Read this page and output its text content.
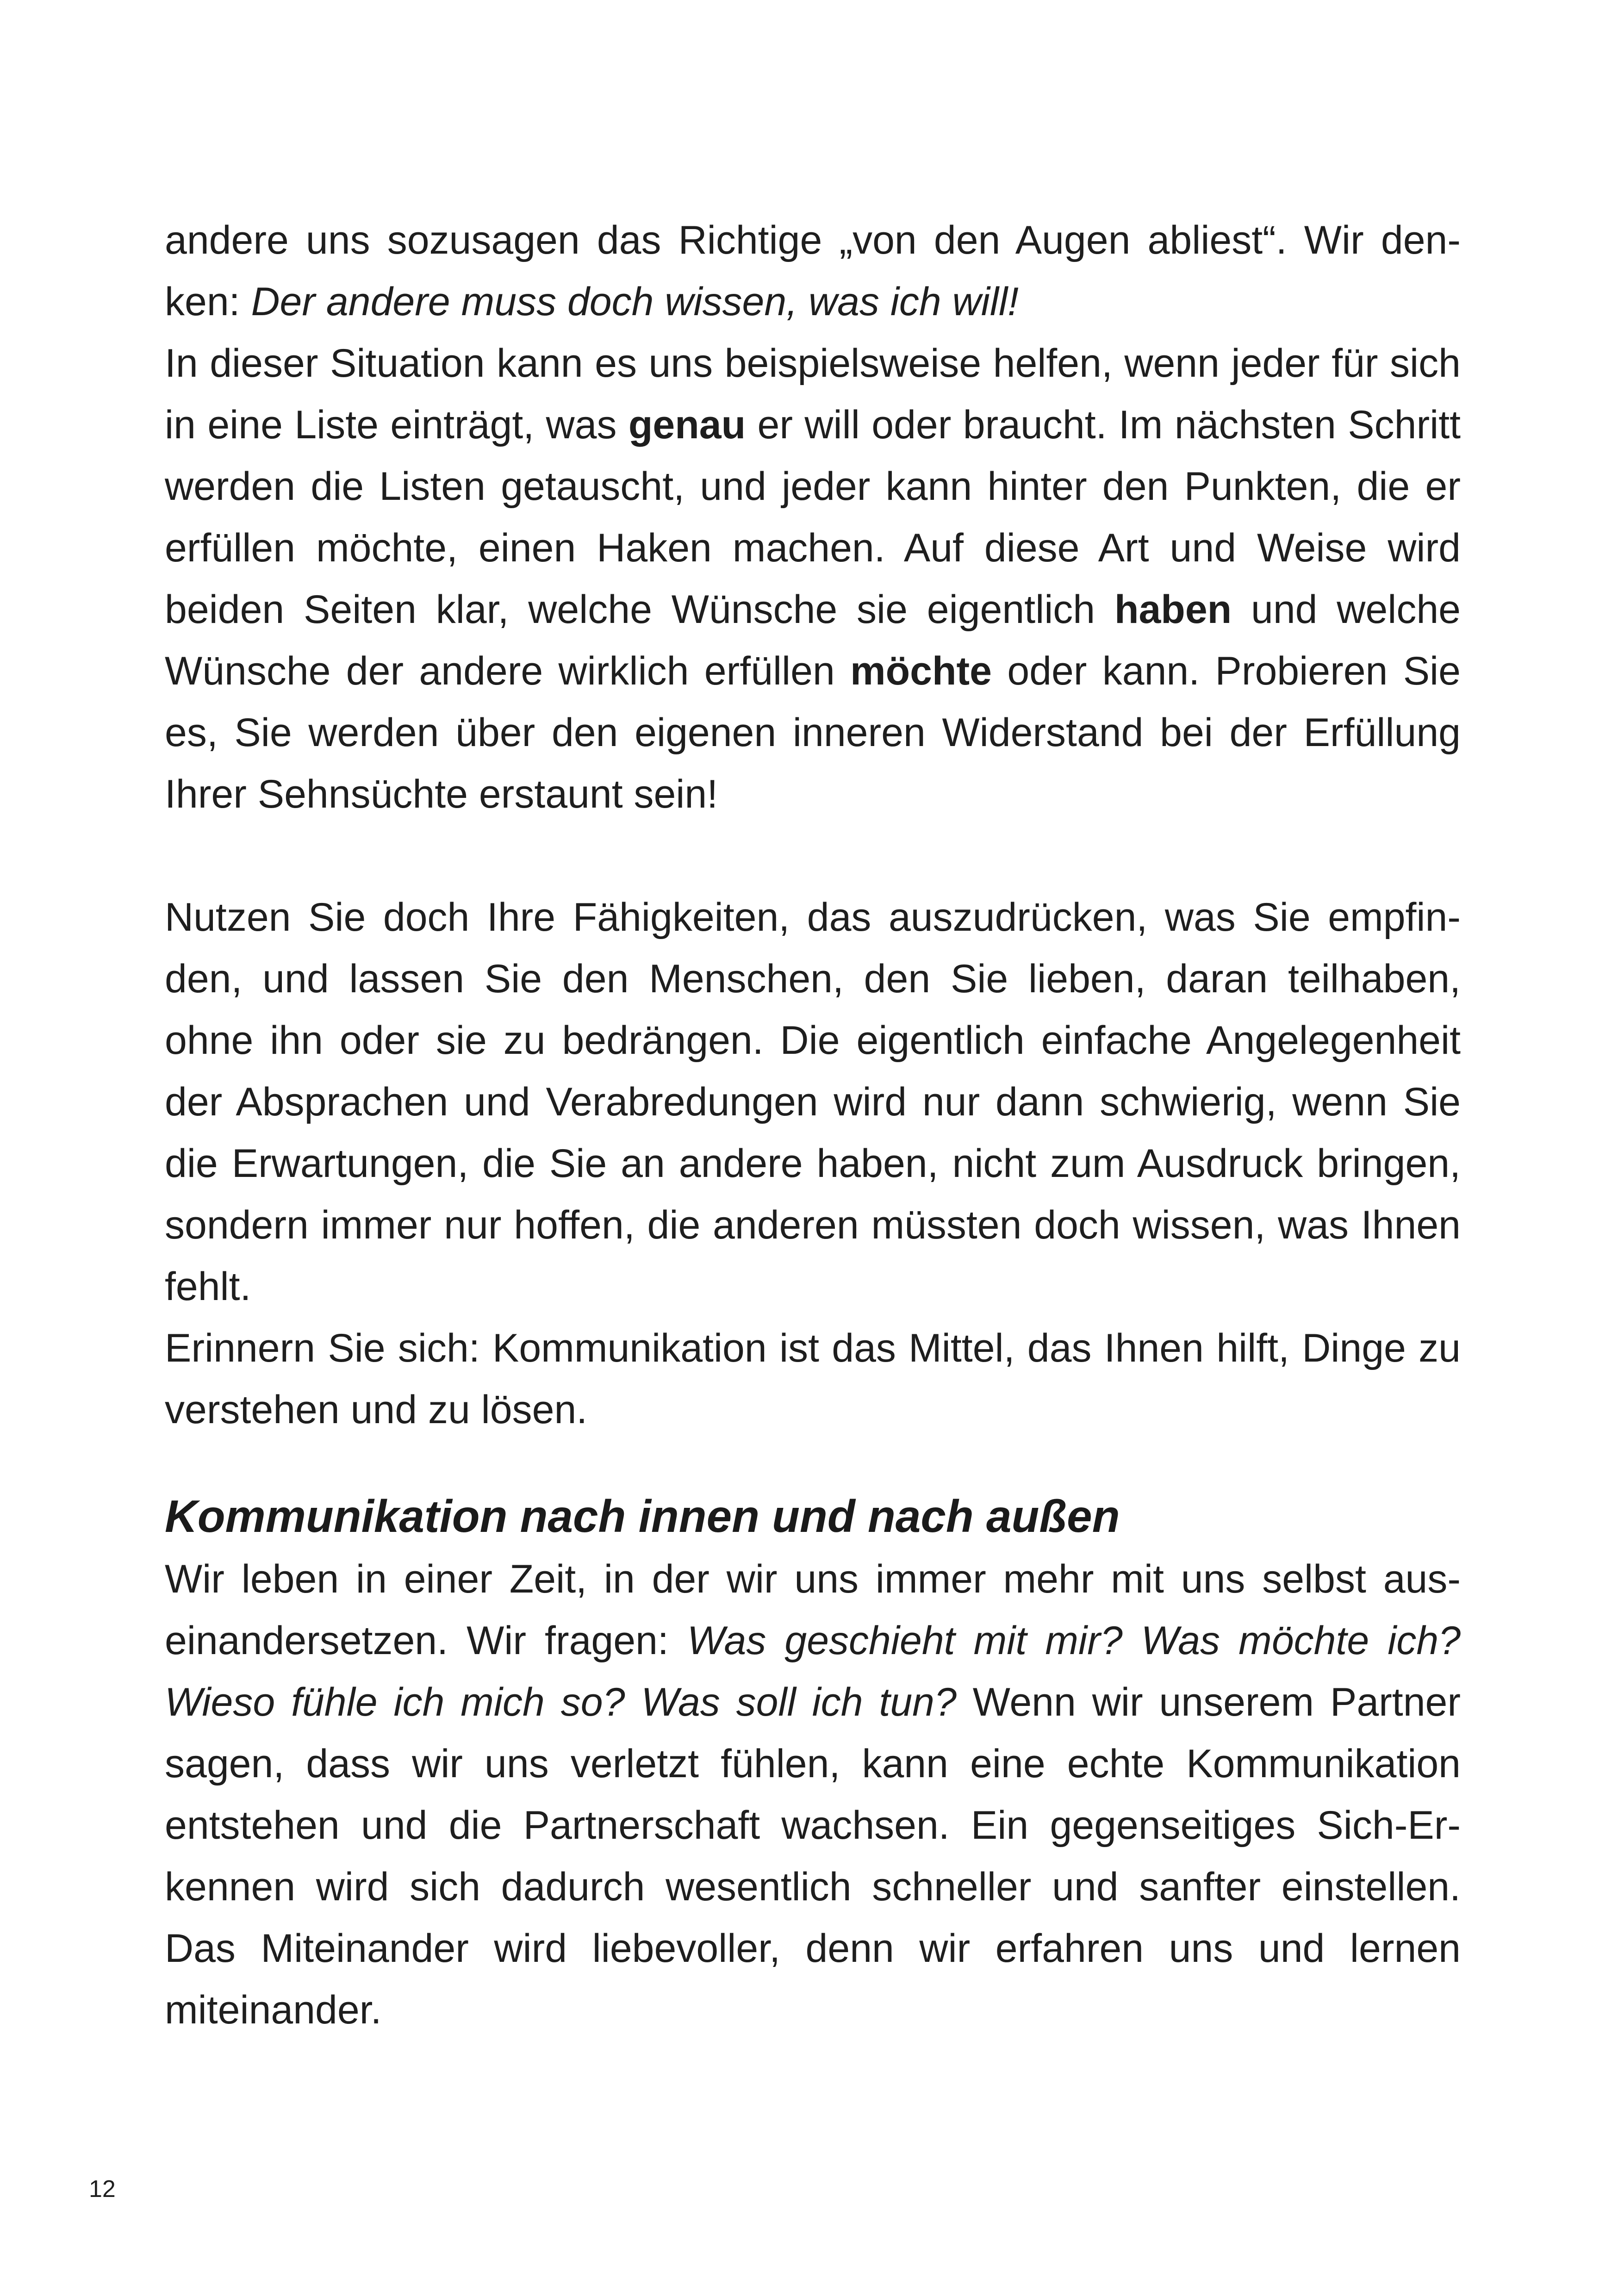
andere uns sozusagen das Richtige „von den Augen abliest“. Wir denken: Der andere muss doch wissen, was ich will!

In dieser Situation kann es uns beispielsweise helfen, wenn jeder für sich in eine Liste einträgt, was genau er will oder braucht. Im nächsten Schritt werden die Listen getauscht, und jeder kann hinter den Punkten, die er erfüllen möchte, einen Haken machen. Auf diese Art und Weise wird beiden Seiten klar, welche Wünsche sie eigentlich haben und welche Wünsche der andere wirklich erfüllen möchte oder kann. Probieren Sie es, Sie werden über den eigenen inneren Widerstand bei der Erfüllung Ihrer Sehnsüchte erstaunt sein!

Nutzen Sie doch Ihre Fähigkeiten, das auszudrücken, was Sie empfinden, und lassen Sie den Menschen, den Sie lieben, daran teilhaben, ohne ihn oder sie zu bedrängen. Die eigentlich einfache Angelegenheit der Absprachen und Verabredungen wird nur dann schwierig, wenn Sie die Erwartungen, die Sie an andere haben, nicht zum Ausdruck bringen, sondern immer nur hoffen, die anderen müssten doch wissen, was Ihnen fehlt.

Erinnern Sie sich: Kommunikation ist das Mittel, das Ihnen hilft, Dinge zu verstehen und zu lösen.

Kommunikation nach innen und nach außen

Wir leben in einer Zeit, in der wir uns immer mehr mit uns selbst auseinandersetzen. Wir fragen: Was geschieht mit mir? Was möchte ich? Wieso fühle ich mich so? Was soll ich tun? Wenn wir unserem Partner sagen, dass wir uns verletzt fühlen, kann eine echte Kommunikation entstehen und die Partnerschaft wachsen. Ein gegenseitiges Sich-Erkennen wird sich dadurch wesentlich schneller und sanfter einstellen. Das Miteinander wird liebevoller, denn wir erfahren uns und lernen miteinander.

12
